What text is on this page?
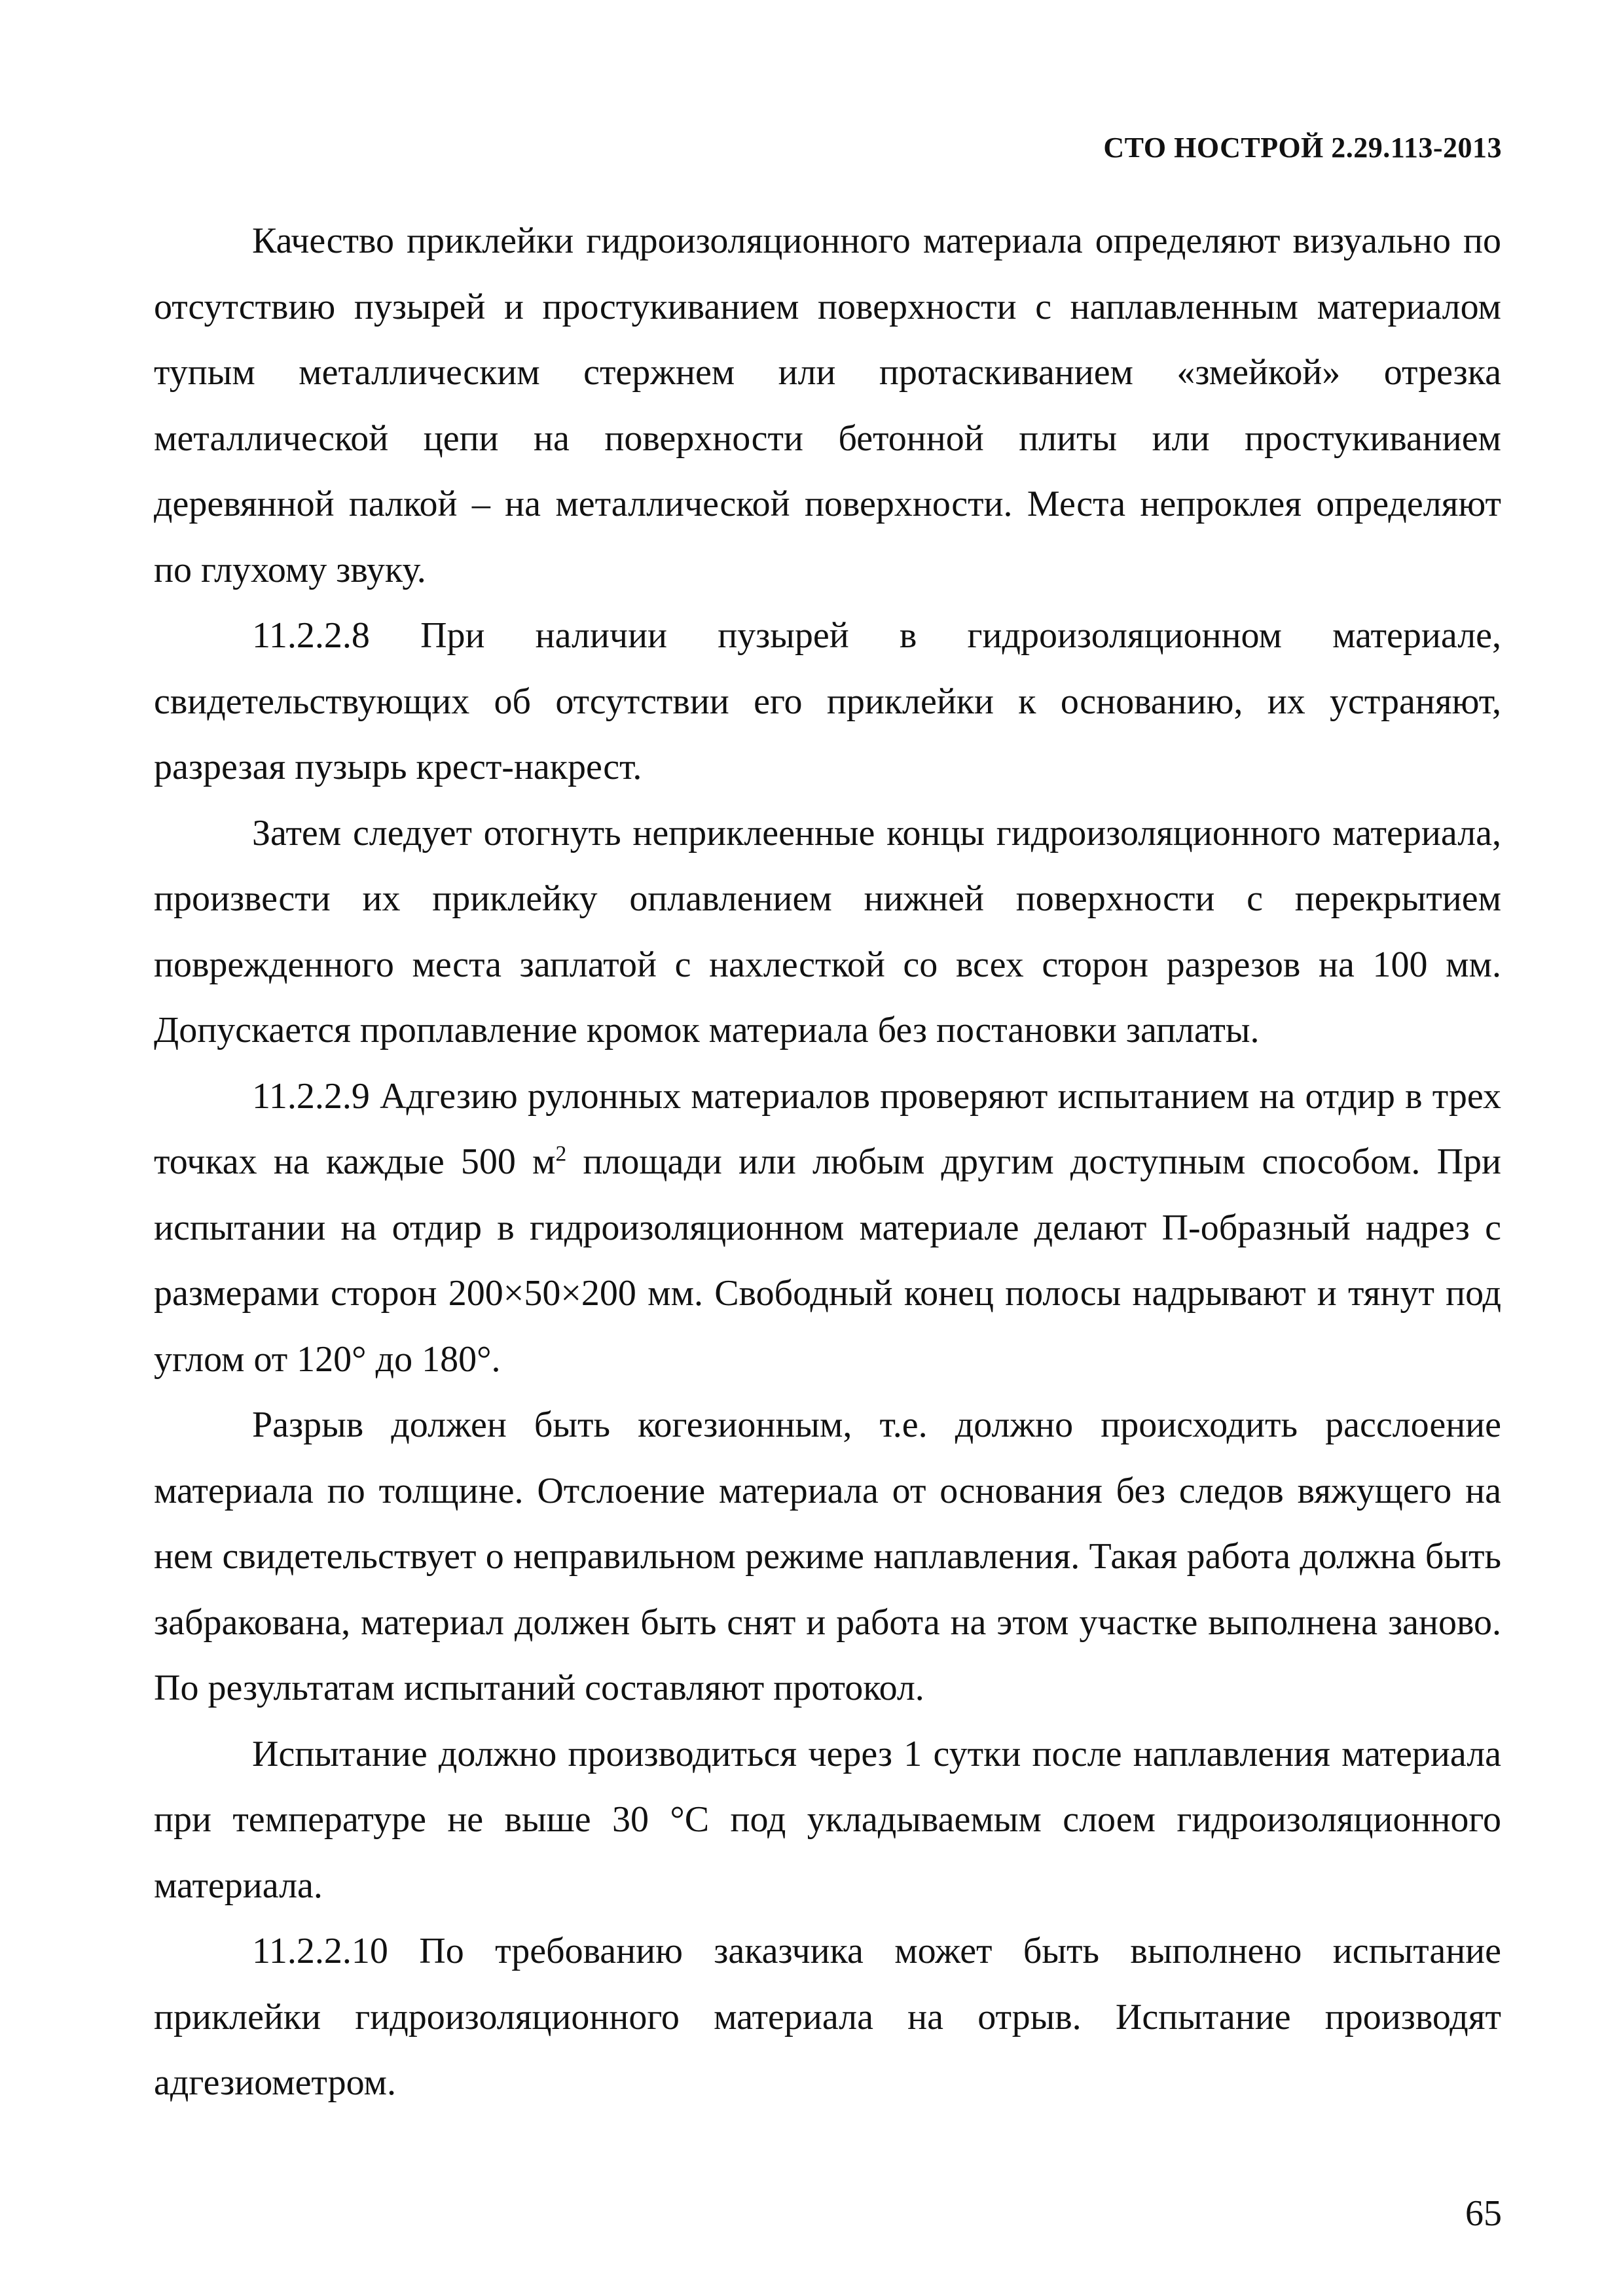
СТО НОСТРОЙ 2.29.113-2013

Качество приклейки гидроизоляционного материала определяют визуально по отсутствию пузырей и простукиванием поверхности с наплавленным материалом тупым металлическим стержнем или протаскиванием «змейкой» отрезка металлической цепи на поверхности бетонной плиты или простукиванием деревянной палкой – на металлической поверхности. Места непроклея определяют по глухому звуку.

11.2.2.8 При наличии пузырей в гидроизоляционном материале, свидетельствующих об отсутствии его приклейки к основанию, их устраняют, разрезая пузырь крест-накрест.

Затем следует отогнуть неприклеенные концы гидроизоляционного материала, произвести их приклейку оплавлением нижней поверхности с перекрытием поврежденного места заплатой с нахлесткой со всех сторон разрезов на 100 мм. Допускается проплавление кромок материала без постановки заплаты.

11.2.2.9 Адгезию рулонных материалов проверяют испытанием на отдир в трех точках на каждые 500 $м^2$ площади или любым другим доступным способом. При испытании на отдир в гидроизоляционном материале делают П-образный надрез с размерами сторон 200×50×200 мм. Свободный конец полосы надрывают и тянут под углом от 120° до 180°.

Разрыв должен быть когезионным, т.е. должно происходить расслоение материала по толщине. Отслоение материала от основания без следов вяжущего на нем свидетельствует о неправильном режиме наплавления. Такая работа должна быть забракована, материал должен быть снят и работа на этом участке выполнена заново. По результатам испытаний составляют протокол.

Испытание должно производиться через 1 сутки после наплавления материала при температуре не выше 30 °С под укладываемым слоем гидроизоляционного материала.

11.2.2.10 По требованию заказчика может быть выполнено испытание приклейки гидроизоляционного материала на отрыв. Испытание производят адгезиометром.

65
